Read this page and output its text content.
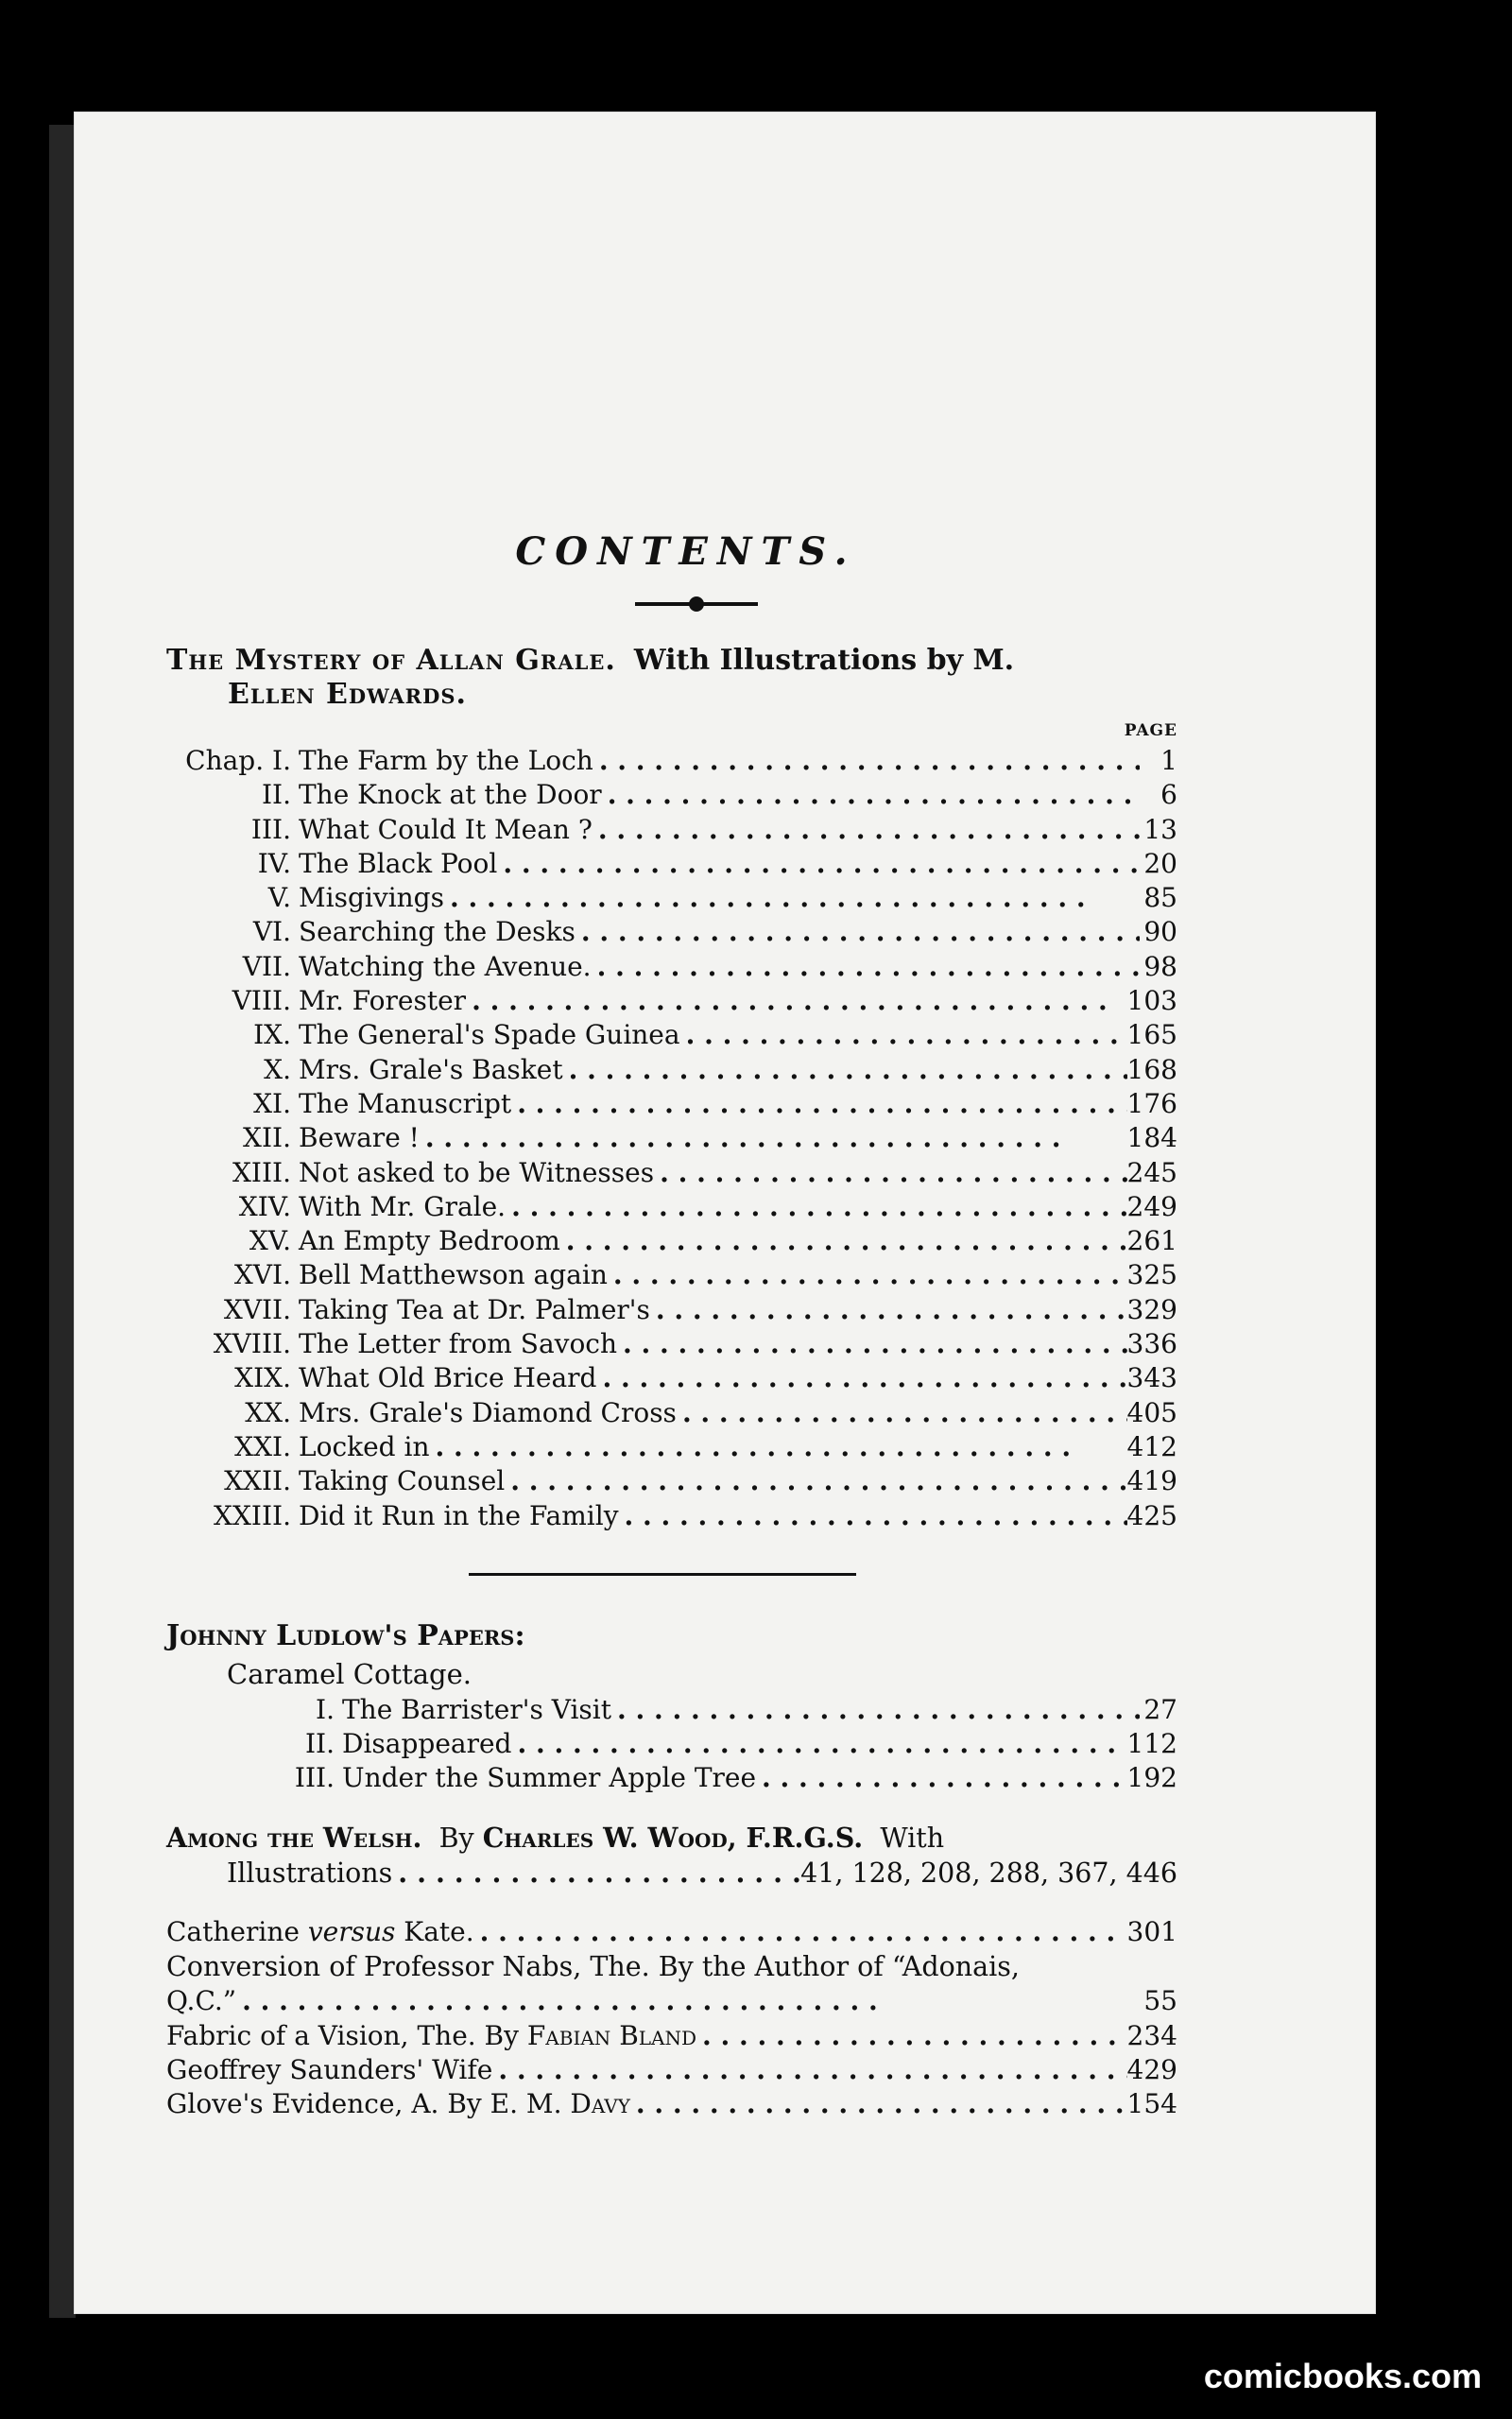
CONTENTS.
The Mystery of Allan Grale. With Illustrations by M.

Ellen Edwards.
PAGE
Chap. I. The Farm by the Loch . .	1
II. The Knock at the Door . .	6
III. What Could It Mean ? . .	13
IV. The Black Pool . .	20
V. Misgivings . .	85
VI. Searching the Desks . .	90
VII. Watching the Avenue. . .	98
VIII. Mr. Forester . .	103
IX. The General's Spade Guinea . .	165
X. Mrs. Grale's Basket . .	168
XI. The Manuscript . .	176
XII. Beware ! . .	184
XIII. Not asked to be Witnesses . .	245
XIV. With Mr. Grale. . .	249
XV. An Empty Bedroom . .	261
XVI. Bell Matthewson again . .	325
XVII. Taking Tea at Dr. Palmer's . .	329
XVIII. The Letter from Savoch . .	336
XIX. What Old Brice Heard . .	343
XX. Mrs. Grale's Diamond Cross . .	405
XXI. Locked in . .	412
XXII. Taking Counsel . .	419
XXIII. Did it Run in the Family . .	425
Johnny Ludlow's Papers:
Caramel Cottage.
I. The Barrister's Visit . .	27
II. Disappeared . .	112
III. Under the Summer Apple Tree . .	192
Among the Welsh. By Charles W. Wood, F.R.G.S. With
Illustrations . .	41, 128, 208, 288, 367, 446
Catherine
versus
Kate. . .	301
Conversion of Professor Nabs, The. By the Author of “Adonais,
Q.C.” . .	55
Fabric of a Vision, The. By
Fabian Bland . .	234
Geoffrey Saunders' Wife . .	429
Glove's Evidence, A. By
E. M. Davy . .	154
comicbooks.com
